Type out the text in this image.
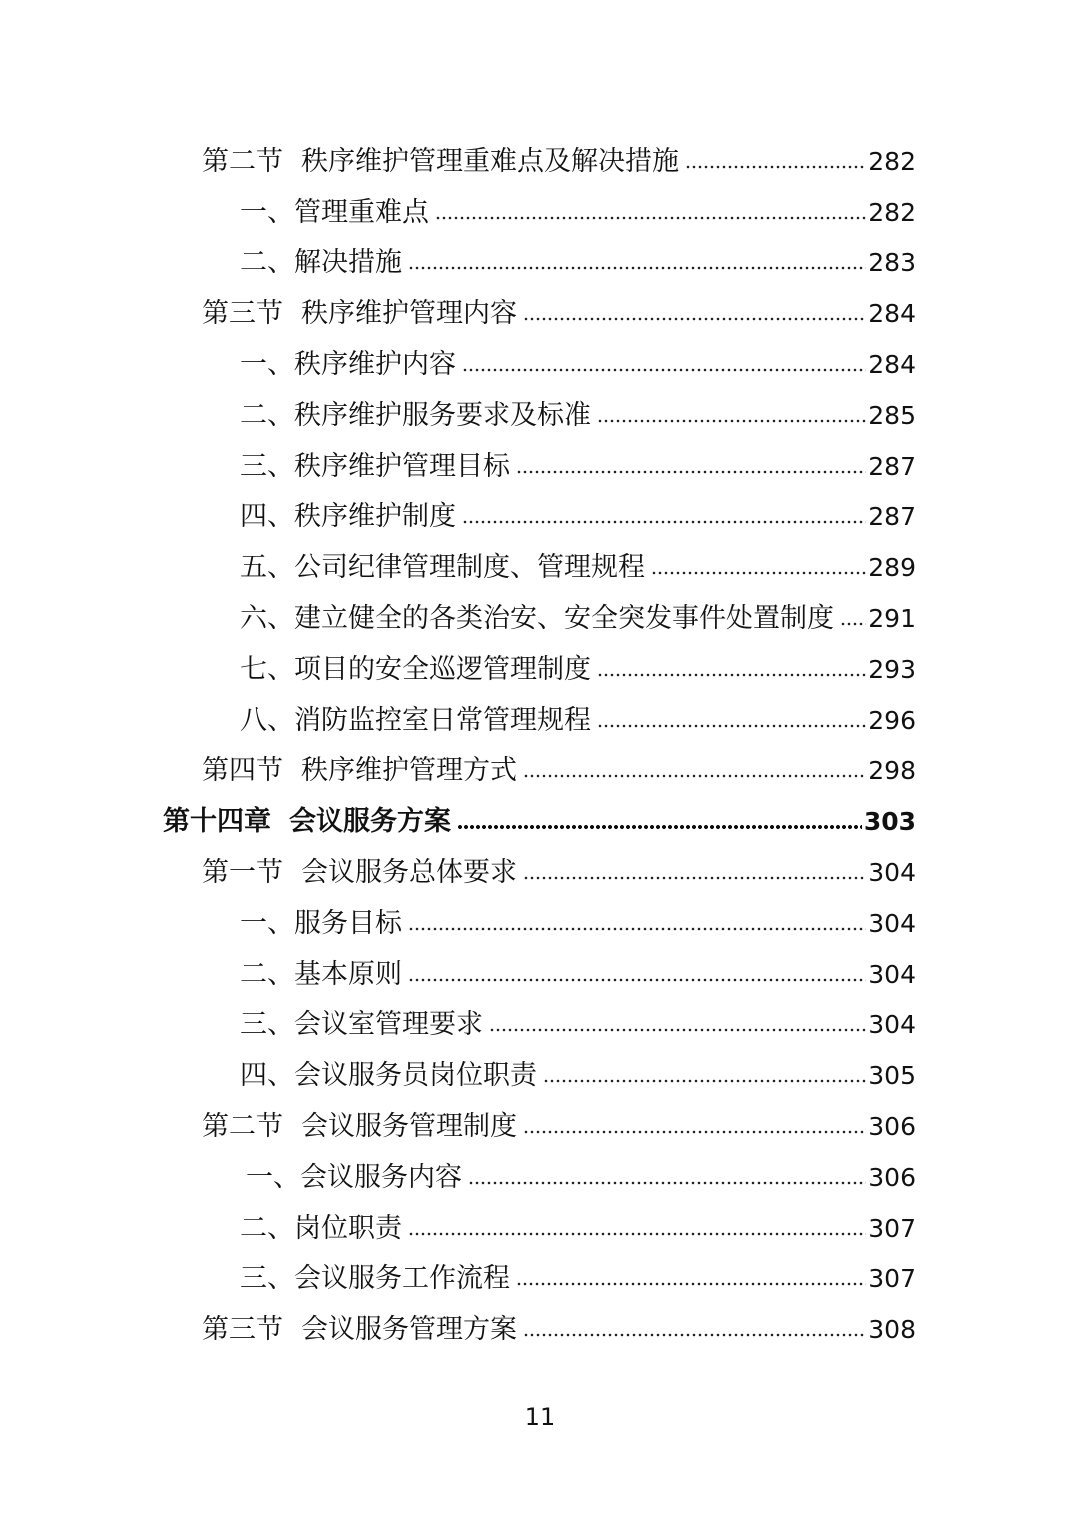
第二节 秩序维护管理重难点及解决措施	282
一、 管理重难点	282
二、 解决措施	283
第三节 秩序维护管理内容	284
一、 秩序维护内容	284
二、 秩序维护服务要求及标准	285
三、 秩序维护管理目标	287
四、 秩序维护制度	287
五、 公司纪律管理制度、管理规程	289
六、 建立健全的各类治安、安全突发事件处置制度 291
七、 项目的安全巡逻管理制度	293
八、 消防监控室日常管理规程	296
第四节 秩序维护管理方式	298
第十四章 会议服务方案	303
第一节 会议服务总体要求	304
一、 服务目标	304
二、 基本原则	304
三、 会议室管理要求	304
四、 会议服务员岗位职责	305
第二节 会议服务管理制度	306
一、 会议服务内容	306
二、 岗位职责	307
三、 会议服务工作流程	307
第三节 会议服务管理方案	308
11
